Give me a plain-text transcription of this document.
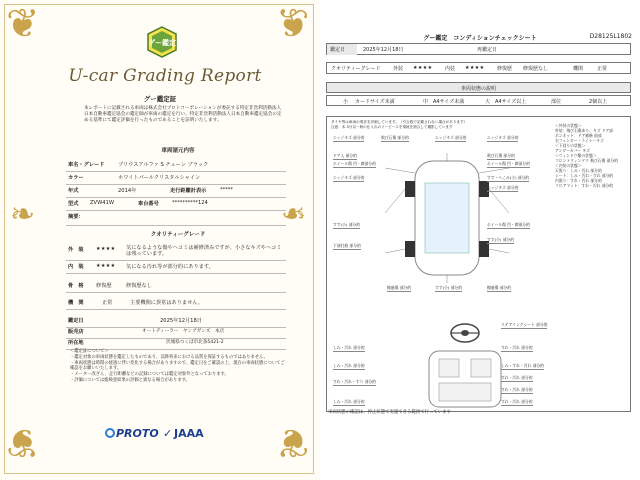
❦	❦
❦	❦
❧	❧
グー鑑定
U-car Grading Report
グー鑑定証
本レポートに記載される車両は株式会社プロトコーポレーションが委託する特定非営利活動法人日本自動車鑑定協会の鑑定師が車両の鑑定を行い、特定非営利活動法人日本自動車鑑定協会の定める基準にて鑑定評価を行ったものであることを証明いたします。
車両諸元内容
車名・グレード	プリウスアルファ S チューン ブラック
カラー	ホワイトパールクリスタルシャイン
年式	2014年	走行距離計表示	*****
型式 ZVW41W	車台番号	**********124
摘要：
クオリティーグレード
外　装 ★★★★ 気になるような傷やヘコミは補修済みですが、小さなキズやヘコミは残っています。
内　装 ★★★★ 気になる汚れ等が部分的にあります。
骨　格 修復歴	修復歴なし
機　関	正常	主要機関に異常はありません。
鑑定日	2025年12月18日
販売店	オートディーラー　ヤングガンズ　本店
所在地	茨城県つくば市北条5421-2
＜鑑定証について＞
・鑑定対象の車両状態を鑑定したものであり、以降将来における品質を保証するものではありません。
・車両状態は時間の経過に伴い変化する場合がありますので、鑑定日をご確認の上、現在の車両状態についてご確認をお願いいたします。
・メーター改ざん、走行距離などの記録については鑑定対象外となっております。
・評価については総検査結果の評価と異なる場合があります。
PROTO ✓ JAAA
グー鑑定　コンディションチェックシート	D28125L1802
鑑定日	2025年12月18日	再鑑定日
クオリティーグレード 外装 ★★★★ 内装 ★★★★ 修復歴 修復歴なし	機関	正常
車両状態の説明
小 カードサイズ未満	中 A4サイズ未満	大 A4サイズ以上	部位	2個以上
タイヤ等は車両の現状を評価しています。（引合数で記載されない場合があります）
注意：本 3分以一般の仕入れのソーピースを現地を照合して撮影しています
エッジキズ 部分的	飛び石傷 部分的	エッジキズ 部分的	エッジキズ 部分的
ドア入 部分的
ホイール傷 凹・腐部分的
飛び石傷 部分的
ホイール傷 凹・腐部分的
エッジキズ 部分的	すす・へこみ(小) 部分的
エッジキズ 部分的
すす(小) 部分的	ホイール傷 凹・腐部分的
すす(小) 部分的
下部打痕 部分的
擦過傷 部分的	すす(小) 部分的	擦過傷 部分的
＜外装の状態＞
外装：飛び石傷あり、キズ ドア部
ボンネット：ドア補修 前部
右フェンダー・ライナーキズ
＜下回りの状態＞
アンダーカバー キズ
＜ウィンドウ類の状態＞
フロントウィンドウ 飛び石傷 部分的
＜内装の状態＞
天張り：しみ・汚れ 部分的
シート：しみ・汚れ・すれ 部分的
内張り：すれ・汚れ 部分的
フロアマット：すれ・汚れ 部分的
ステアリングシート 部分的
しみ・汚れ 部分的	すれ・汚れ 部分的
しみ・汚れ 部分的	しみ・すれ・汚れ 部分的
すれ・汚れ 部分的
すれ・汚れ・すり 部分的
すれ・汚れ 部分的
しみ・汚れ 部分的	すれ・汚れ 部分的
車両状態の確認は、停止状態で実施できる範囲で行っています
